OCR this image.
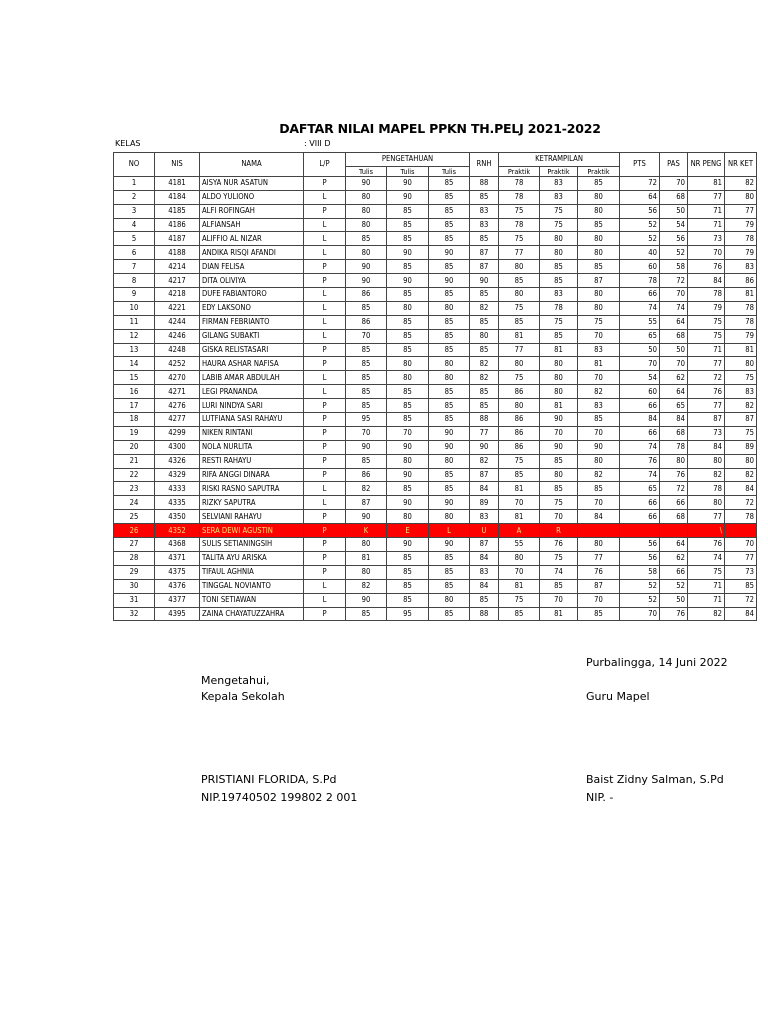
DAFTAR NILAI MAPEL PPKN TH.PELJ 2021-2022
KELAS	: VIII D
NO	NIS	NAMA	L/P	PENGETAHUAN			RNH	KETRAMPILAN			PTS	PAS	NR PENG	NR KET
				Tulis	Tulis	Tulis		Praktik	Praktik	Praktik				
1	4181	AISYA NUR ASATUN	P	90	90	85	88	78	83	85	72	70	81	82
2	4184	ALDO YULIONO	L	80	90	85	85	78	83	80	64	68	77	80
3	4185	ALFI ROFINGAH	P	80	85	85	83	75	75	80	56	50	71	77
4	4186	ALFIANSAH	L	80	85	85	83	78	75	85	52	54	71	79
5	4187	ALIFFIO AL NIZAR	L	85	85	85	85	75	80	80	52	56	73	78
6	4188	ANDIKA RISQI AFANDI	L	80	90	90	87	77	80	80	40	52	70	79
7	4214	DIAN FELISA	P	90	85	85	87	80	85	85	60	58	76	83
8	4217	DITA OLIVIYA	P	90	90	90	90	85	85	87	78	72	84	86
9	4218	DUFE FABIANTORO	L	86	85	85	85	80	83	80	66	70	78	81
10	4221	EDY LAKSONO	L	85	80	80	82	75	78	80	74	74	79	78
11	4244	FIRMAN FEBRIANTO	L	86	85	85	85	85	75	75	55	64	75	78
12	4246	GILANG SUBAKTI	L	70	85	85	80	81	85	70	65	68	75	79
13	4248	GISKA RELISTASARI	P	85	85	85	85	77	81	83	50	50	71	81
14	4252	HAURA ASHAR NAFISA	P	85	80	80	82	80	80	81	70	70	77	80
15	4270	LABIB AMAR ABDULAH	L	85	80	80	82	75	80	70	54	62	72	75
16	4271	LEGI PRANANDA	L	85	85	85	85	86	80	82	60	64	76	83
17	4276	LURI NINDYA SARI	P	85	85	85	85	80	81	83	66	65	77	82
18	4277	LUTFIANA SASI RAHAYU	P	95	85	85	88	86	90	85	84	84	87	87
19	4299	NIKEN RINTANI	P	70	70	90	77	86	70	70	66	68	73	75
20	4300	NOLA NURLITA	P	90	90	90	90	86	90	90	74	78	84	89
21	4326	RESTI RAHAYU	P	85	80	80	82	75	85	80	76	80	80	80
22	4329	RIFA ANGGI DINARA	P	86	90	85	87	85	80	82	74	76	82	82
23	4333	RISKI RASNO SAPUTRA	L	82	85	85	84	81	85	85	65	72	78	84
24	4335	RIZKY SAPUTRA	L	87	90	90	89	70	75	70	66	66	80	72
25	4350	SELVIANI RAHAYU	P	90	80	80	83	81	70	84	66	68	77	78
26	4352	SERA DEWI AGUSTIN	P	K	E	L	U	A	R				\	
27	4368	SULIS SETIANINGSIH	P	80	90	90	87	55	76	80	56	64	76	70
28	4371	TALITA AYU ARISKA	P	81	85	85	84	80	75	77	56	62	74	77
29	4375	TIFAUL AGHNIA	P	80	85	85	83	70	74	76	58	66	75	73
30	4376	TINGGAL NOVIANTO	L	82	85	85	84	81	85	87	52	52	71	85
31	4377	TONI SETIAWAN	L	90	85	80	85	75	70	70	52	50	71	72
32	4395	ZAINA CHAYATUZZAHRA	P	85	95	85	88	85	81	85	70	76	82	84
Purbalingga, 14 Juni 2022
Mengetahui,
Kepala Sekolah	Guru Mapel
PRISTIANI FLORIDA, S.Pd
NIP.19740502 199802 2 001
Baist Zidny Salman, S.Pd
NIP. -
